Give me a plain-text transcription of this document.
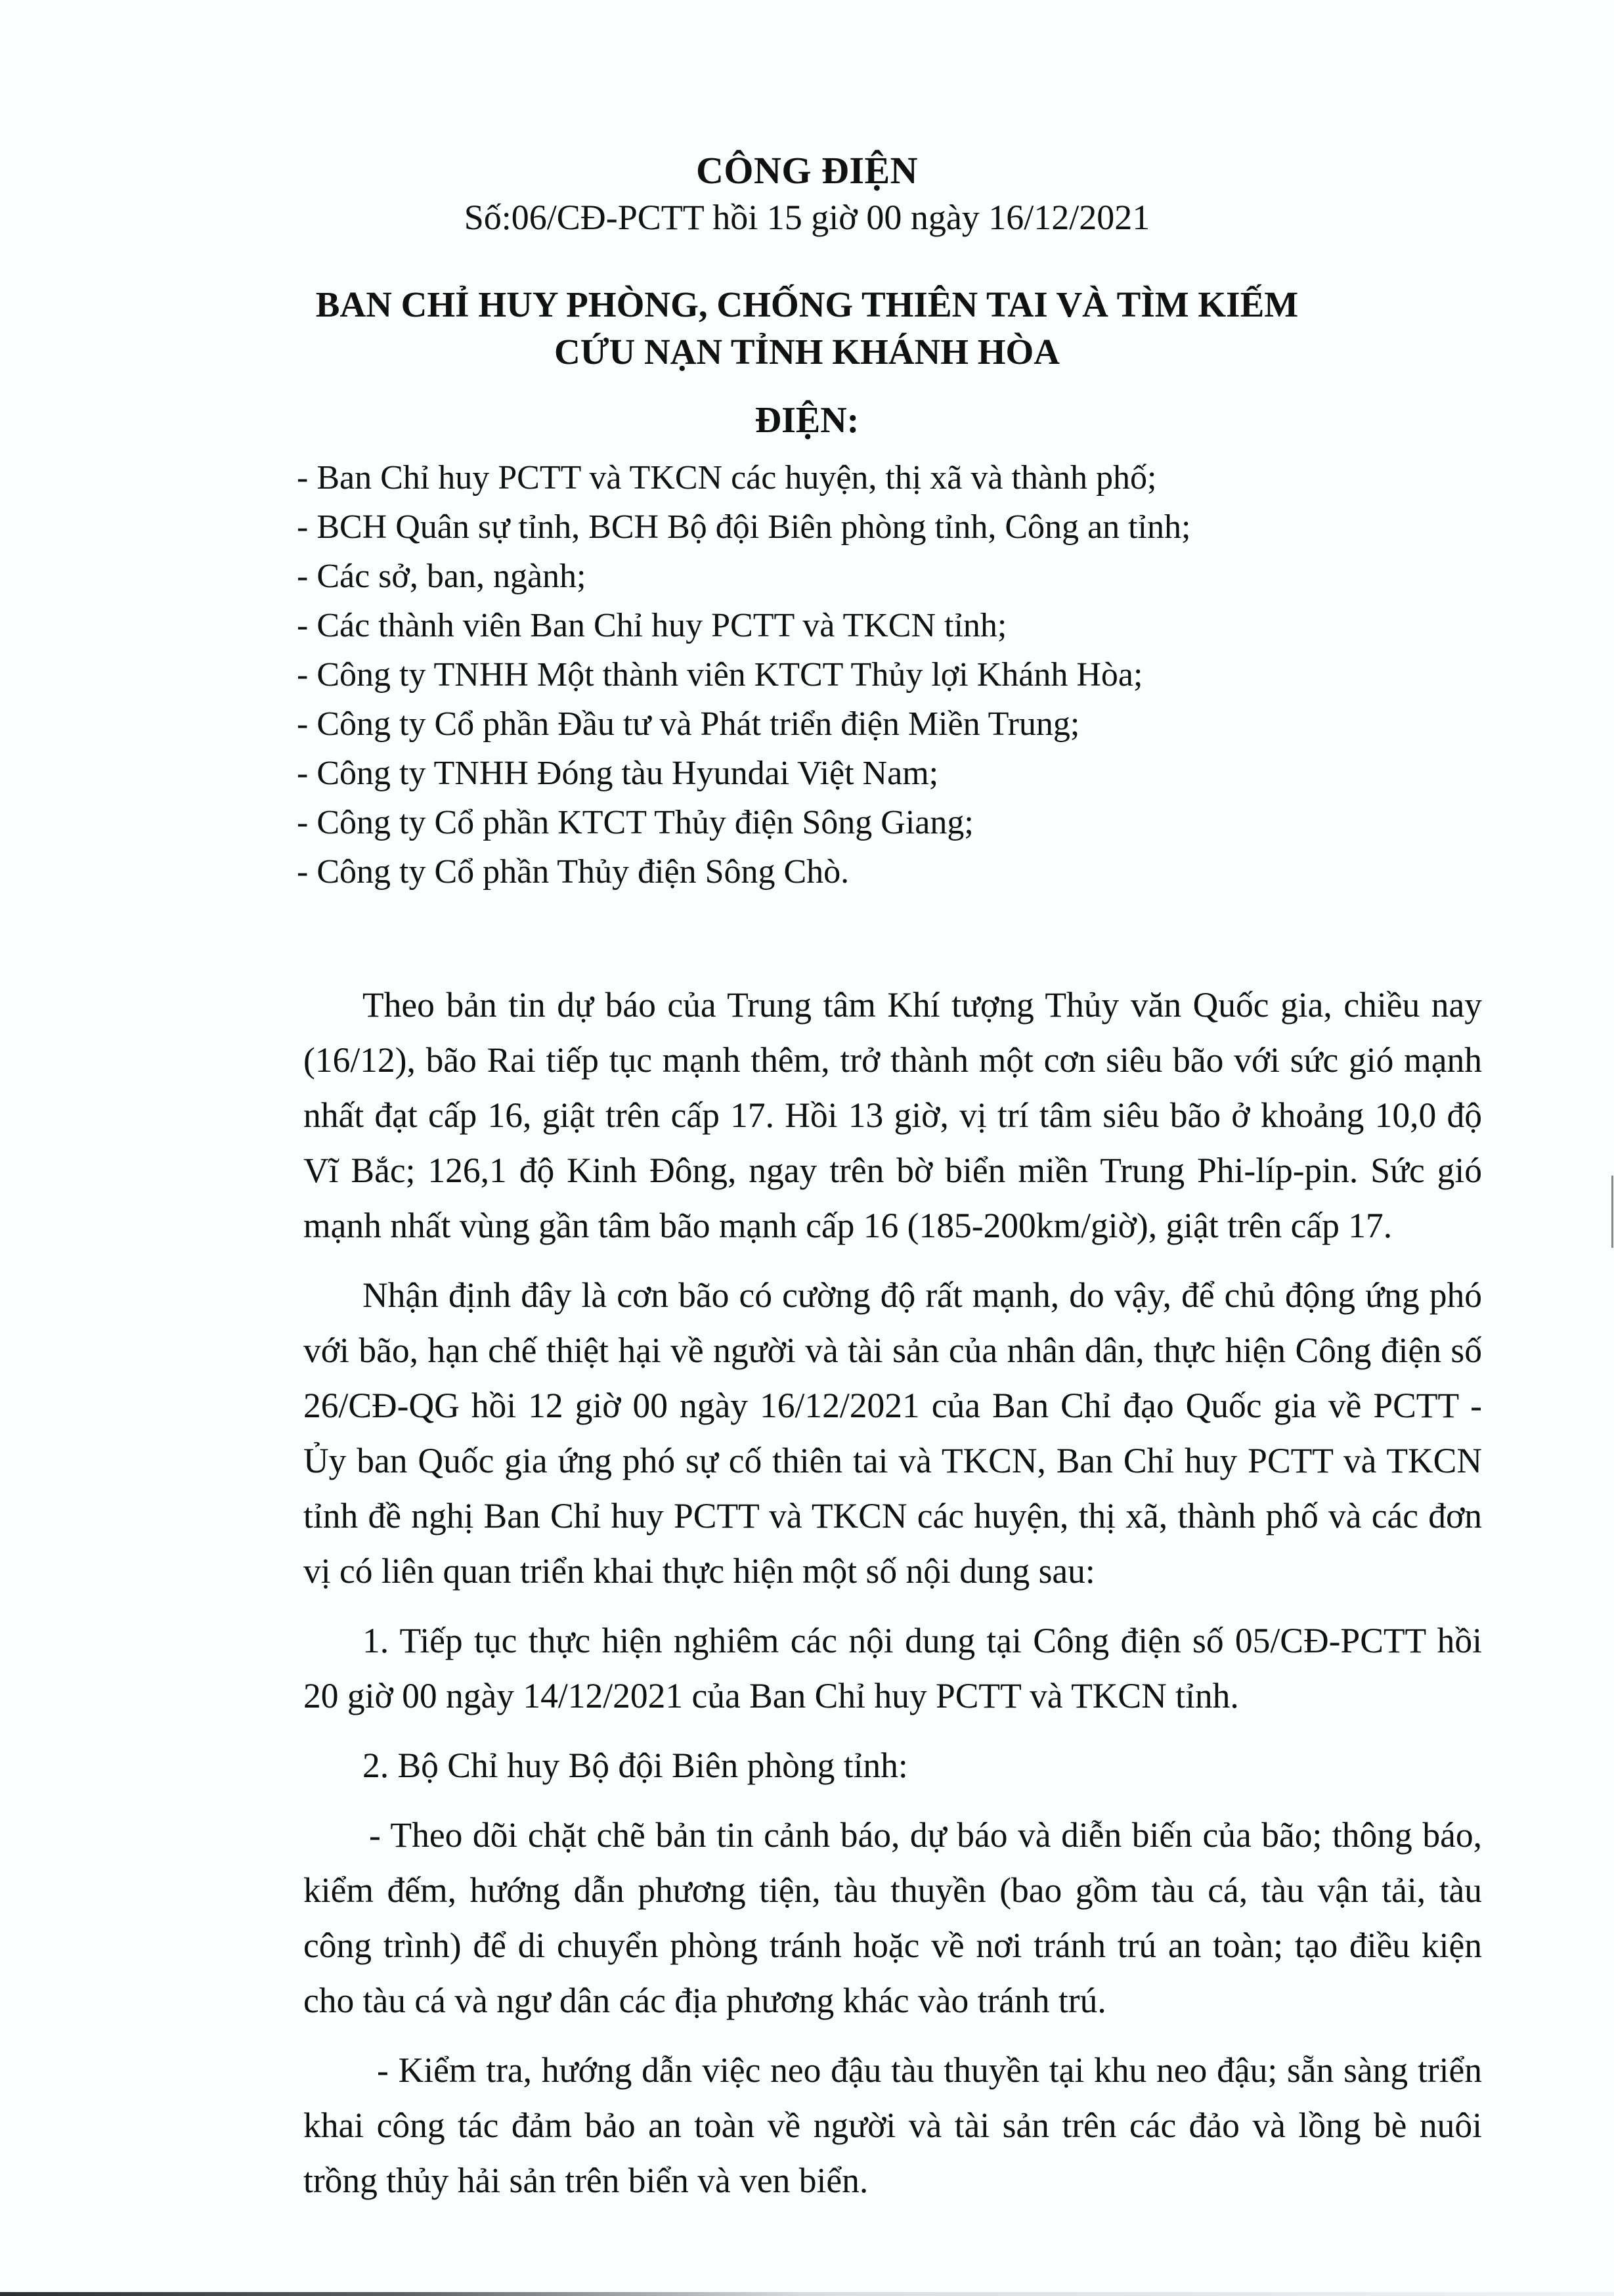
CÔNG ĐIỆN
Số:06/CĐ-PCTT hồi 15 giờ 00 ngày 16/12/2021
BAN CHỈ HUY PHÒNG, CHỐNG THIÊN TAI VÀ TÌM KIẾM
CỨU NẠN TỈNH KHÁNH HÒA
ĐIỆN:
- Ban Chỉ huy PCTT và TKCN các huyện, thị xã và thành phố;
- BCH Quân sự tỉnh, BCH Bộ đội Biên phòng tỉnh, Công an tỉnh;
- Các sở, ban, ngành;
- Các thành viên Ban Chỉ huy PCTT và TKCN tỉnh;
- Công ty TNHH Một thành viên KTCT Thủy lợi Khánh Hòa;
- Công ty Cổ phần Đầu tư và Phát triển điện Miền Trung;
- Công ty TNHH Đóng tàu Hyundai Việt Nam;
- Công ty Cổ phần KTCT Thủy điện Sông Giang;
- Công ty Cổ phần Thủy điện Sông Chò.

Theo bản tin dự báo của Trung tâm Khí tượng Thủy văn Quốc gia, chiều nay (16/12), bão Rai tiếp tục mạnh thêm, trở thành một cơn siêu bão với sức gió mạnh nhất đạt cấp 16, giật trên cấp 17. Hồi 13 giờ, vị trí tâm siêu bão ở khoảng 10,0 độ Vĩ Bắc; 126,1 độ Kinh Đông, ngay trên bờ biển miền Trung Phi-líp-pin. Sức gió mạnh nhất vùng gần tâm bão mạnh cấp 16 (185-200km/giờ), giật trên cấp 17.

Nhận định đây là cơn bão có cường độ rất mạnh, do vậy, để chủ động ứng phó với bão, hạn chế thiệt hại về người và tài sản của nhân dân, thực hiện Công điện số 26/CĐ-QG hồi 12 giờ 00 ngày 16/12/2021 của Ban Chỉ đạo Quốc gia về PCTT - Ủy ban Quốc gia ứng phó sự cố thiên tai và TKCN, Ban Chỉ huy PCTT và TKCN tỉnh đề nghị Ban Chỉ huy PCTT và TKCN các huyện, thị xã, thành phố và các đơn vị có liên quan triển khai thực hiện một số nội dung sau:

1. Tiếp tục thực hiện nghiêm các nội dung tại Công điện số 05/CĐ-PCTT hồi 20 giờ 00 ngày 14/12/2021 của Ban Chỉ huy PCTT và TKCN tỉnh.

2. Bộ Chỉ huy Bộ đội Biên phòng tỉnh:

- Theo dõi chặt chẽ bản tin cảnh báo, dự báo và diễn biến của bão; thông báo, kiểm đếm, hướng dẫn phương tiện, tàu thuyền (bao gồm tàu cá, tàu vận tải, tàu công trình) để di chuyển phòng tránh hoặc về nơi tránh trú an toàn; tạo điều kiện cho tàu cá và ngư dân các địa phương khác vào tránh trú.

- Kiểm tra, hướng dẫn việc neo đậu tàu thuyền tại khu neo đậu; sẵn sàng triển khai công tác đảm bảo an toàn về người và tài sản trên các đảo và lồng bè nuôi trồng thủy hải sản trên biển và ven biển.
